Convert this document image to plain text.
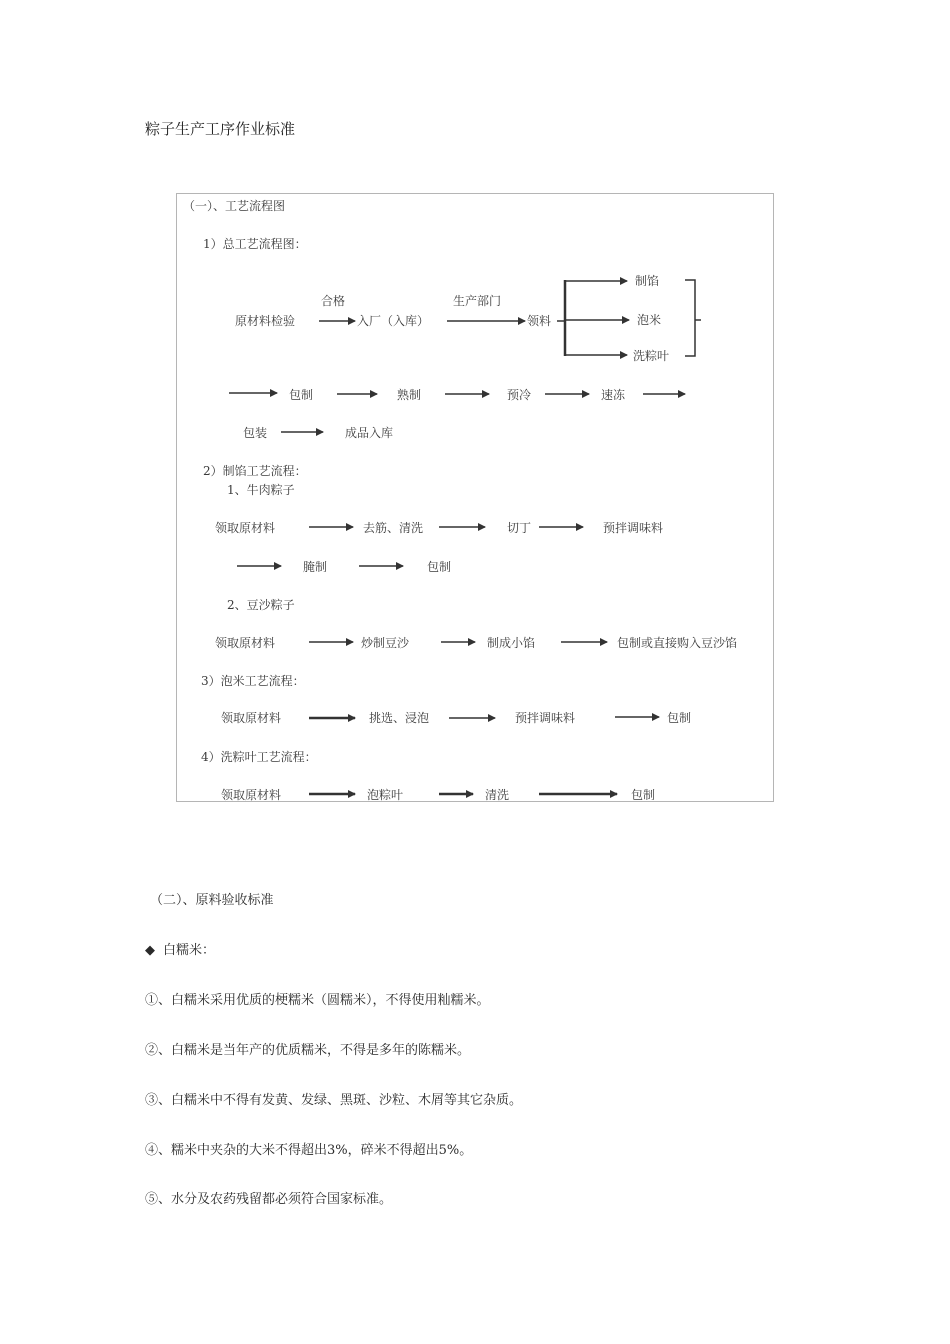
粽子生产工序作业标准
（一）、工艺流程图
1）总工艺流程图：
原材料检验
合格
入厂（入库）
生产部门
领料
制馅
泡米
洗粽叶
包制	熟制	预冷	速冻
包装	成品入库
2）制馅工艺流程：
1、牛肉粽子
领取原材料	去筋、清洗	切丁	预拌调味料
腌制	包制
2、豆沙粽子
领取原材料	炒制豆沙	制成小馅	包制或直接购入豆沙馅
3）泡米工艺流程：
领取原材料	挑选、浸泡	预拌调味料	包制
4）洗粽叶工艺流程：
领取原材料	泡粽叶	清洗	包制
（二）、原料验收标准
◆ 白糯米：
①、白糯米采用优质的梗糯米（圆糯米），不得使用籼糯米。
②、白糯米是当年产的优质糯米，不得是多年的陈糯米。
③、白糯米中不得有发黄、发绿、黑斑、沙粒、木屑等其它杂质。
④、糯米中夹杂的大米不得超出3%，碎米不得超出5%。
⑤、水分及农药残留都必须符合国家标准。
